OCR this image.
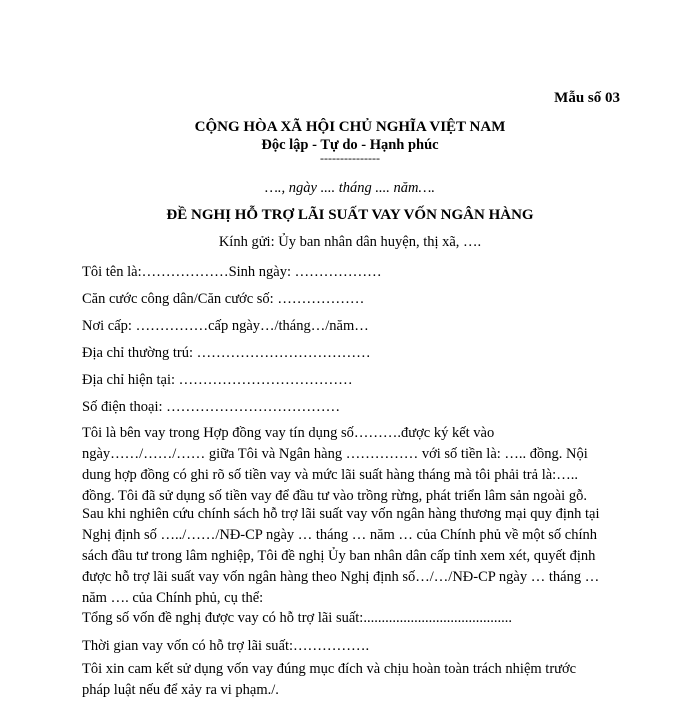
Mẫu số 03
CỘNG HÒA XÃ HỘI CHỦ NGHĨA VIỆT NAM
Độc lập - Tự do - Hạnh phúc
---------------
…., ngày .... tháng .... năm….
ĐỀ NGHỊ HỖ TRỢ LÃI SUẤT VAY VỐN NGÂN HÀNG
Kính gửi: Ủy ban nhân dân huyện, thị xã, ….
Tôi tên là:………………Sinh ngày: ………………
Căn cước công dân/Căn cước số: ………………
Nơi cấp: ……………cấp ngày…/tháng…/năm…
Địa chỉ thường trú: ………………………………
Địa chỉ hiện tại: ………………………………
Số điện thoại: ………………………………
Tôi là bên vay trong Hợp đồng vay tín dụng số……….được ký kết vào
ngày……/……/…… giữa Tôi và Ngân hàng …………… với số tiền là: ….. đồng. Nội
dung hợp đồng có ghi rõ số tiền vay và mức lãi suất hàng tháng mà tôi phải trả là:…..
đồng. Tôi đã sử dụng số tiền vay để đầu tư vào trồng rừng, phát triển lâm sản ngoài gỗ.
Sau khi nghiên cứu chính sách hỗ trợ lãi suất vay vốn ngân hàng thương mại quy định tại
Nghị định số …../……/NĐ-CP ngày … tháng … năm … của Chính phủ về một số chính
sách đầu tư trong lâm nghiệp, Tôi đề nghị Ủy ban nhân dân cấp tỉnh xem xét, quyết định
được hỗ trợ lãi suất vay vốn ngân hàng theo Nghị định số…/…/NĐ-CP ngày … tháng …
năm …. của Chính phủ, cụ thể:
Tổng số vốn đề nghị được vay có hỗ trợ lãi suất:.........................................
Thời gian vay vốn có hỗ trợ lãi suất:…………….
Tôi xin cam kết sử dụng vốn vay đúng mục đích và chịu hoàn toàn trách nhiệm trước
pháp luật nếu để xảy ra vi phạm./.
